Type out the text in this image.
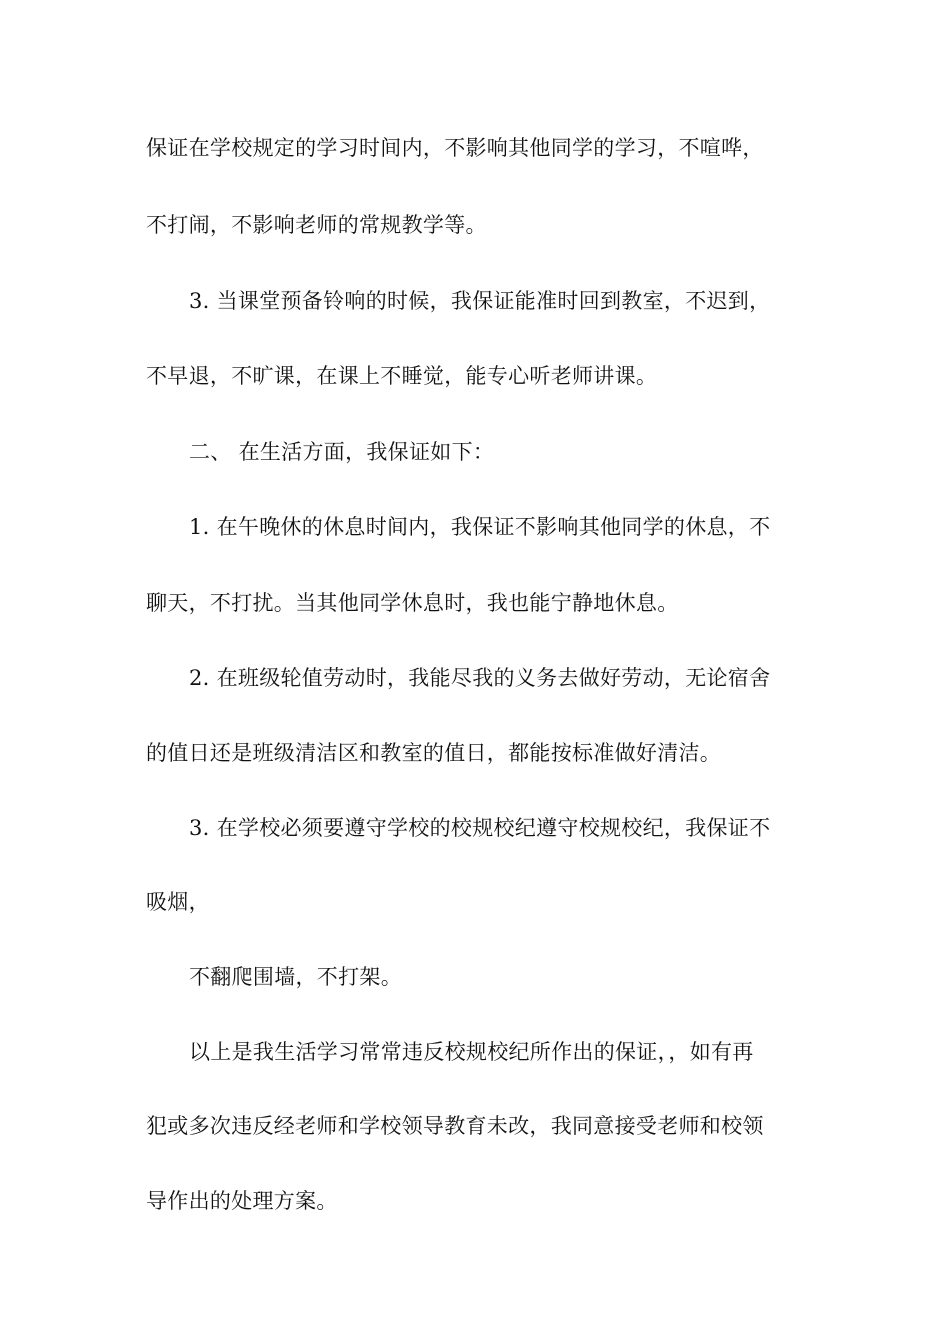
保证在学校规定的学习时间内，不影响其他同学的学习，不喧哗，
不打闹，不影响老师的常规教学等。
3. 当课堂预备铃响的时候，我保证能准时回到教室，不迟到，
不早退，不旷课，在课上不睡觉，能专心听老师讲课。
二、 在生活方面，我保证如下：
1. 在午晚休的休息时间内，我保证不影响其他同学的休息，不
聊天，不打扰。当其他同学休息时，我也能宁静地休息。
2. 在班级轮值劳动时，我能尽我的义务去做好劳动，无论宿舍
的值日还是班级清洁区和教室的值日，都能按标准做好清洁。
3. 在学校必须要遵守学校的校规校纪遵守校规校纪，我保证不
吸烟，
不翻爬围墙，不打架。
以上是我生活学习常常违反校规校纪所作出的保证，，如有再
犯或多次违反经老师和学校领导教育未改，我同意接受老师和校领
导作出的处理方案。
